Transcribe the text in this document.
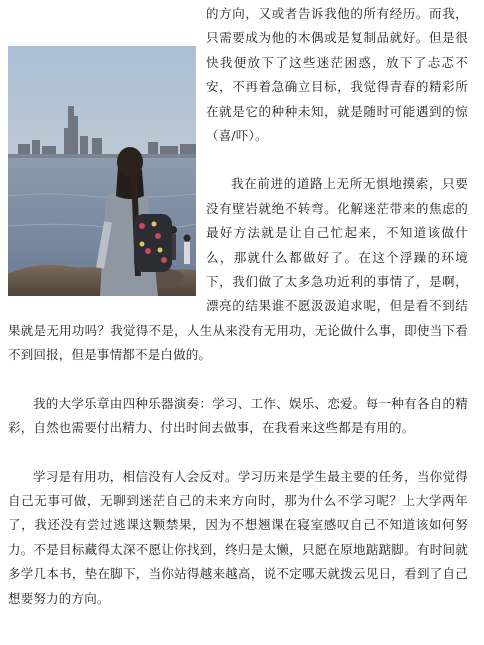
的方向，又或者告诉我他的所有经历。而我，只需要成为他的木偶或是复制品就好。但是很快我便放下了这些迷茫困惑，放下了忐忑不安，不再着急确立目标，我觉得青春的精彩所在就是它的种种未知，就是随时可能遇到的惊（喜/吓）。

我在前进的道路上无所无惧地摸索，只要没有壁岩就绝不转弯。化解迷茫带来的焦虑的最好方法就是让自己忙起来，不知道该做什么，那就什么都做好了。在这个浮躁的环境下，我们做了太多急功近利的事情了，是啊，漂亮的结果谁不愿汲汲追求呢，但是看不到结果就是无用功吗？我觉得不是，人生从来没有无用功，无论做什么事，即使当下看不到回报，但是事情都不是白做的。

我的大学乐章由四种乐器演奏：学习、工作、娱乐、恋爱。每一种有各自的精彩，自然也需要付出精力、付出时间去做事，在我看来这些都是有用的。

学习是有用功，相信没有人会反对。学习历来是学生最主要的任务，当你觉得自己无事可做，无聊到迷茫自己的未来方向时，那为什么不学习呢？上大学两年了，我还没有尝过逃课这颗禁果，因为不想翘课在寝室感叹自己不知道该如何努力。不是目标藏得太深不愿让你找到，终归是太懒，只愿在原地踮踮脚。有时间就多学几本书，垫在脚下，当你站得越来越高，说不定哪天就拨云见日，看到了自己想要努力的方向。
